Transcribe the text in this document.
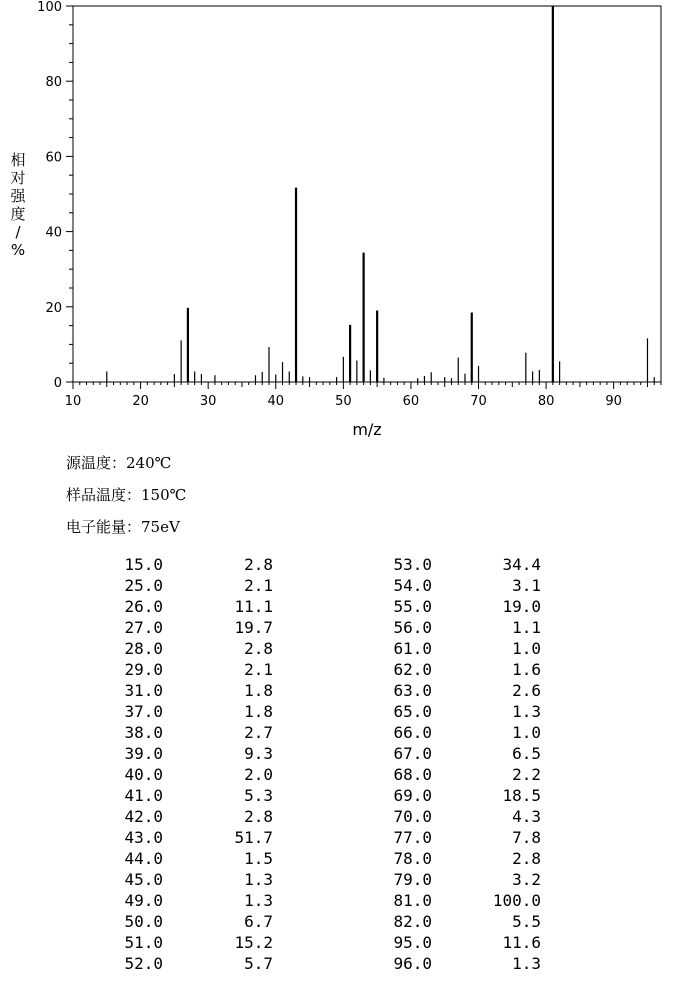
0
20
40
60
80
100
10	20	30	40	50	60	70	80	90
m/z
相
对
强
度
/
%
源温度：240℃
样品温度：150℃
电子能量：75eV
15.0	2.8	53.0	34.4
25.0	2.1	54.0	3.1
26.0	11.1	55.0	19.0
27.0	19.7	56.0	1.1
28.0	2.8	61.0	1.0
29.0	2.1	62.0	1.6
31.0	1.8	63.0	2.6
37.0	1.8	65.0	1.3
38.0	2.7	66.0	1.0
39.0	9.3	67.0	6.5
40.0	2.0	68.0	2.2
41.0	5.3	69.0	18.5
42.0	2.8	70.0	4.3
43.0	51.7	77.0	7.8
44.0	1.5	78.0	2.8
45.0	1.3	79.0	3.2
49.0	1.3	81.0	100.0
50.0	6.7	82.0	5.5
51.0	15.2	95.0	11.6
52.0	5.7	96.0	1.3
